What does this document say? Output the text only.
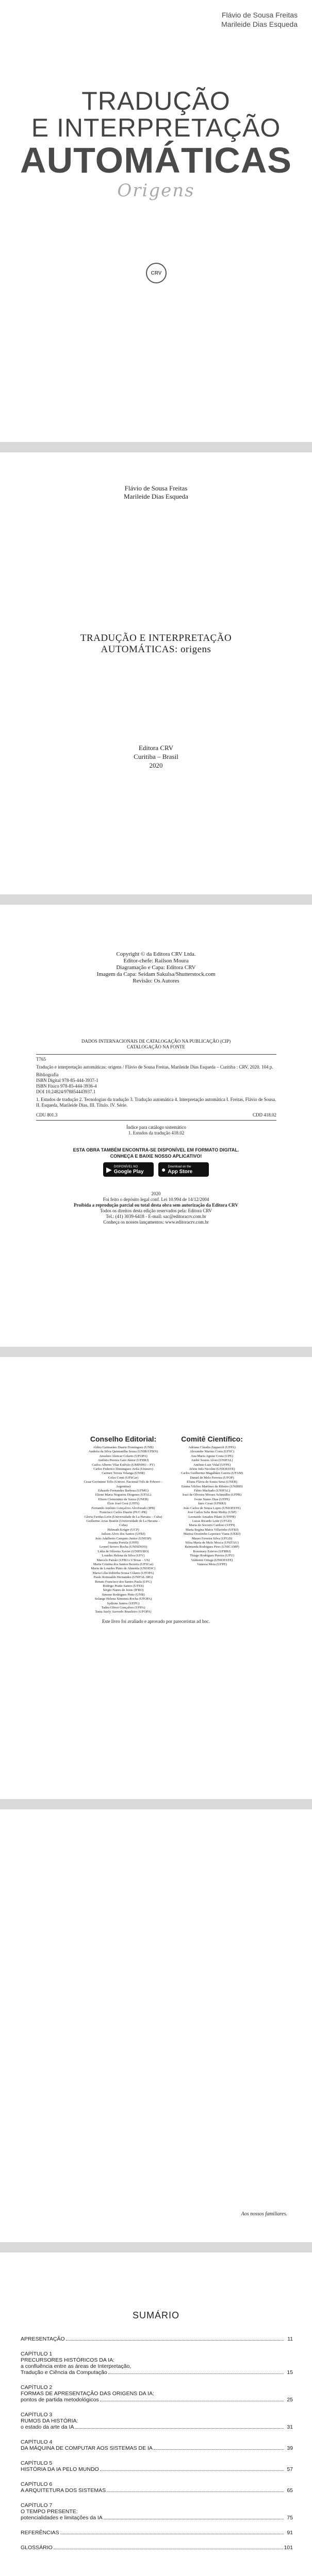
Flávio de Sousa Freitas
Marileide Dias Esqueda
TRADUÇÃO
E INTERPRETAÇÃO
AUTOMÁTICAS
Origens
CRV
Flávio de Sousa Freitas
Marileide Dias Esqueda
TRADUÇÃO E INTERPRETAÇÃO
AUTOMÁTICAS: origens
Editora CRV
Curitiba – Brasil
2020
Copyright © da Editora CRV Ltda.
Editor-chefe: Railson Moura
Diagramação e Capa: Editora CRV
Imagem da Capa: Seidam Sakulsa/Shutterstock.com
Revisão: Os Autores
DADOS INTERNACIONAIS DE CATALOGAÇÃO NA PUBLICAÇÃO (CIP)
CATALOGAÇÃO NA FONTE
T765
Tradução e interpretação automáticas: origens / Flávio de Sousa Freitas, Marileide Dias Esqueda – Curitiba : CRV, 2020. 104 p.
Bibliografia
ISBN Digital 978-85-444-3937-1
ISBN Físico 978-85-444-3936-4
DOI 10.24824/978854443937.1
1. Estudos de tradução 2. Tecnologias da tradução 3. Tradução automática 4. Interpretação automática I. Freitas, Flávio de Sousa. II. Esqueda, Marileide Dias. III. Título. IV. Série.
CDU 801.3	CDD 418.02
Índice para catálogo sistemático
1. Estudos da tradução 418.02
ESTA OBRA TAMBÉM ENCONTRA-SE DISPONÍVEL EM FORMATO DIGITAL.
CONHEÇA E BAIXE NOSSO APLICATIVO!
▶ DISPONÍVEL NO
Google Play ● Download on the
App Store
2020
Foi feito o depósito legal conf. Lei 10.994 de 14/12/2004
Proibida a reprodução parcial ou total desta obra sem autorização da Editora CRV
Todos os direitos desta edição reservados pela: Editora CRV
Tel.: (41) 3039-6418 - E-mail: sac@editoracrv.com.br
Conheça os nossos lançamentos: www.editoracrv.com.br
Conselho Editorial:
Aldira Guimarães Duarte Domínguez (UNB)
Andréia da Silva Quintanilha Sousa (UNIR/UFRN)
Anselmo Alencar Colares (UFOPA)
Antônio Pereira Gaio Júnior (UFRRJ)
Carlos Alberto Vilar Estêvão (UMINHO – PT)
Carlos Federico Dominguez Avila (Unieuro)
Carmen Tereza Velanga (UNIR)
Celso Conti (UFSCar)
Cesar Gerónimo Tello (Univer. Nacional Três de Febrero – Argentina)
Eduardo Fernandes Barbosa (UFMG)
Elione Maria Nogueira Diogenes (UFAL)
Elizeu Clementino de Souza (UNEB)
Élsio José Corá (UFFS)
Fernando Antônio Gonçalves Alcoforado (IPB)
Francisco Carlos Duarte (PUC-PR)
Gloria Fariñas León (Universidade de La Havana – Cuba)
Guillermo Arias Beatón (Universidade de La Havana – Cuba)
Helmuth Krüger (UCP)
Jailson Alves dos Santos (UFRJ)
João Adalberto Campato Junior (UNESP)
Josania Portela (UFPI)
Leonel Severo Rocha (UNISINOS)
Lídia de Oliveira Xavier (UNIEURO)
Lourdes Helena da Silva (UFV)
Marcelo Paixão (UFRJ e UTexas – US)
Maria Cristina dos Santos Bezerra (UFSCar)
Maria de Lourdes Pinto de Almeida (UNOESC)
Maria Lília Imbiriba Sousa Colares (UFOPA)
Paulo Romualdo Hernandes (UNIFAL-MG)
Renato Francisco dos Santos Paula (UFG)
Rodrigo Pratte-Santos (UFES)
Sérgio Nunes de Jesus (IFRO)
Simone Rodrigues Pinto (UNB)
Solange Helena Ximenes-Rocha (UFOPA)
Sydione Santos (UEPG)
Tadeu Oliver Gonçalves (UFPA)
Tania Suely Azevedo Brasileiro (UFOPA)
Comitê Científico:
Adriana Cláudia Zapparoli (UFPA)
Alexandre Marino Costa (UFSC)
Ana Maria Aguiar Costa (UPE)
André Soares Alves (UNIFAL)
Antônio Luiz Vidal (UFPE)
Arlete Inês Nicolini (UNIOESTE)
Carlos Guilherme Magalhães Guerra (UFAM)
Daniel de Melo Ferreira (UFOP)
Eliana Flávia de Souza Sena (UNEB)
Emma Vilches Martínez de Ribeiro (UNIBH)
Fábio Machado (UNIFAL)
Iraci de Oliveira Moraes Schmidlin (UFPR)
Ivone Nunes Dias (UFPE)
Jairo Cesar (UFRRJ)
João Carlos de Souza Lopes (UNIOESTE)
José Carlos Sebe Bom Meihy (USP)
Leonardo Amadeu Pilatti (UTFPR)
Lucas Ricardo Leite (UFGD)
Maria do Socorro Cardoso (UFPI)
Maria Regina Matos Villarinho (UFRJ)
Mariza Orozimbo Leporace Viana (UERJ)
Mauro Ferreira Silva (UFGD)
Nilza Maria de Melo Mosca (UNITAU)
Raimunda Rodrigues Pires (UNICAMP)
Rosemary Esteves (UFRRJ)
Thiago Rodrigues Pereira (UFU)
Valdemir Ortega (UNIOESTE)
Vanessa Mota (UFPE)
Este livro foi avaliado e aprovado por pareceristas ad hoc.
Aos nossos familiares.
SUMÁRIO
APRESENTAÇÃO	11
CAPÍTULO 1
PRECURSORES HISTÓRICOS DA IA:
a confluência entre as áreas de Interpretação,
Tradução e Ciência da Computação	15
CAPÍTULO 2
FORMAS DE APRESENTAÇÃO DAS ORIGENS DA IA:
pontos de partida metodológicos	25
CAPÍTULO 3
RUMOS DA HISTÓRIA:
o estado da arte da IA	31
CAPÍTULO 4
DA MÁQUINA DE COMPUTAR AOS SISTEMAS DE IA	39
CAPÍTULO 5
HISTÓRIA DA IA PELO MUNDO	57
CAPÍTULO 6
A ARQUITETURA DOS SISTEMAS	65
CAPÍTULO 7
O TEMPO PRESENTE:
potencialidades e limitações da IA	75
REFERÊNCIAS	91
GLOSSÁRIO	101
